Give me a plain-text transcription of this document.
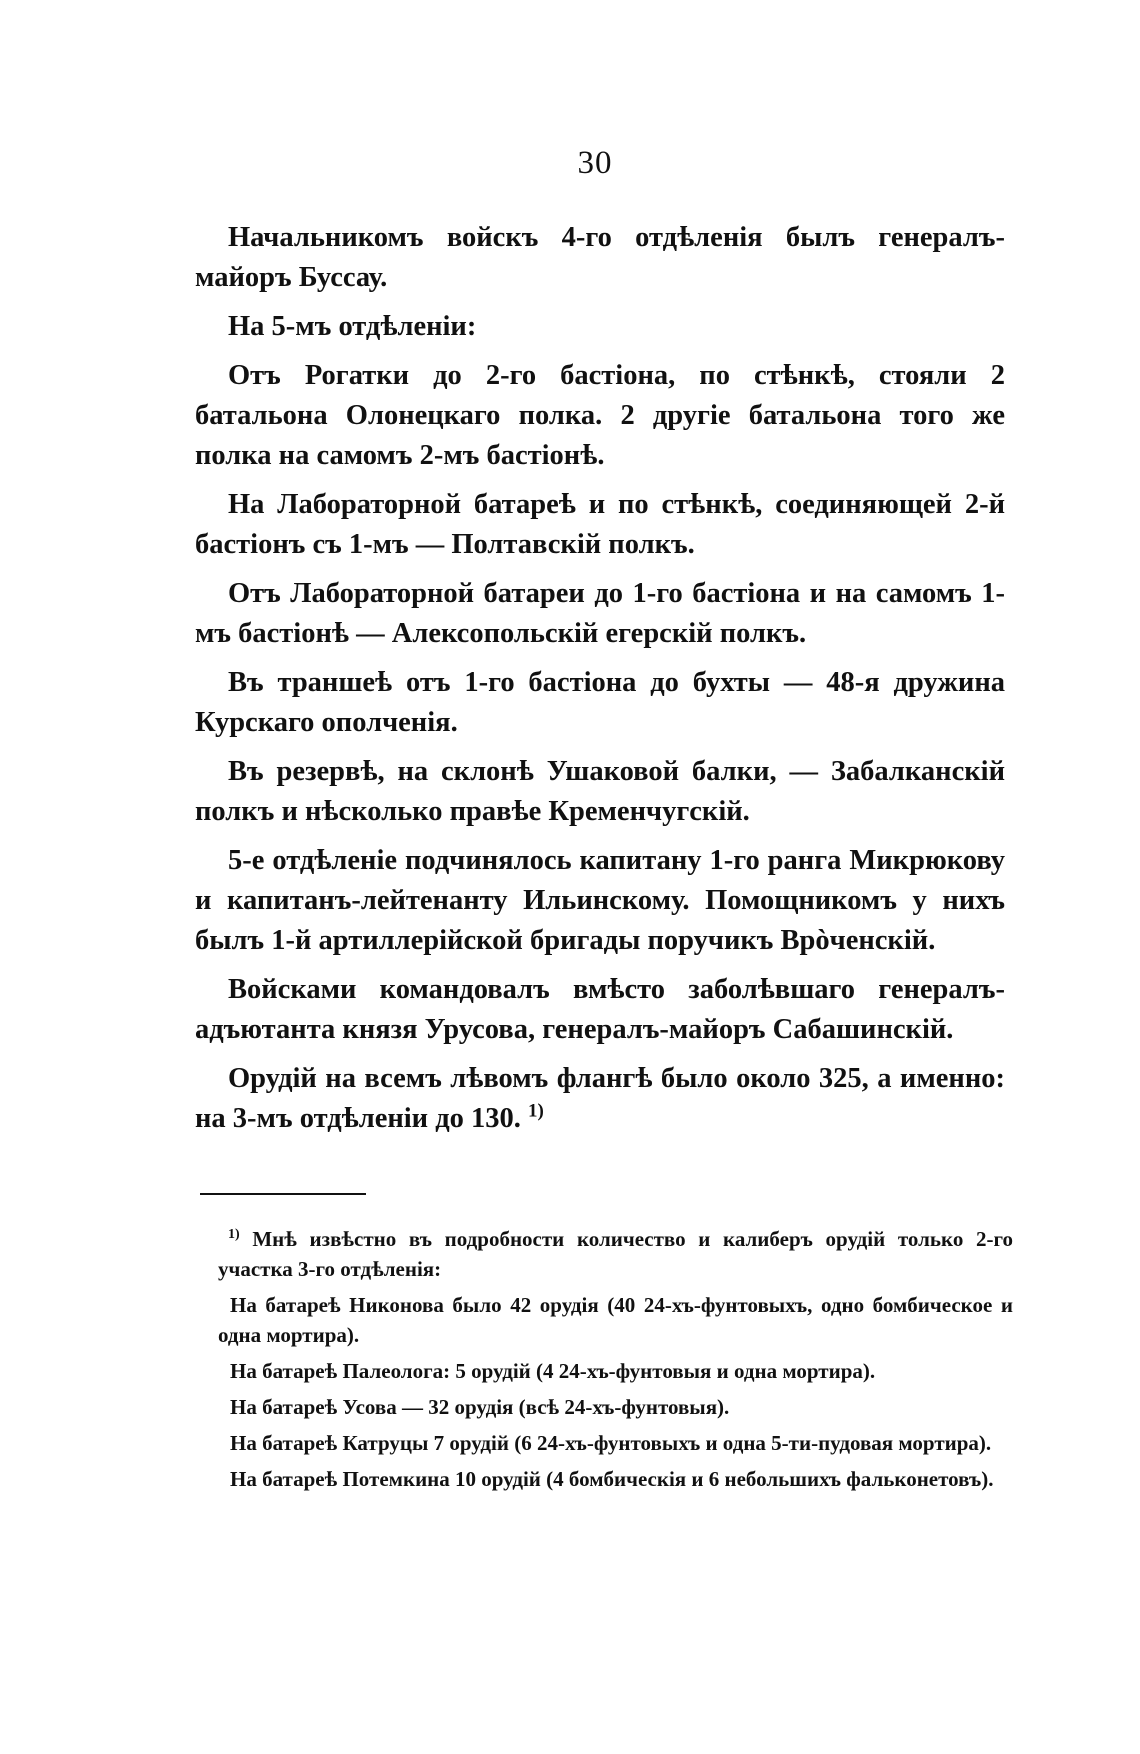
30

Начальникомъ войскъ 4-го отдѣленія былъ генералъ-майоръ Буссау.

На 5-мъ отдѣленіи:

Отъ Рогатки до 2-го бастіона, по стѣнкѣ, стояли 2 батальона Олонецкаго полка. 2 другіе батальона того же полка на самомъ 2-мъ бастіонѣ.

На Лабораторной батареѣ и по стѣнкѣ, соединяющей 2-й бастіонъ съ 1-мъ — Полтавскій полкъ.

Отъ Лабораторной батареи до 1-го бастіона и на самомъ 1-мъ бастіонѣ — Алексопольскій егерскій полкъ.

Въ траншеѣ отъ 1-го бастіона до бухты — 48-я дружина Курскаго ополченія.

Въ резервѣ, на склонѣ Ушаковой балки, — Забалканскій полкъ и нѣсколько правѣе Кременчугскій.

5-е отдѣленіе подчинялось капитану 1-го ранга Микрюкову и капитанъ-лейтенанту Ильинскому. Помощникомъ у нихъ былъ 1-й артиллерійской бригады поручикъ Врòченскій.

Войсками командовалъ вмѣсто заболѣвшаго генералъ-адъютанта князя Урусова, генералъ-майоръ Сабашинскій.

Орудій на всемъ лѣвомъ флангѣ было около 325, а именно: на 3-мъ отдѣленіи до 130. $^{1)}$

$^{1)}$ Мнѣ извѣстно въ подробности количество и калиберъ орудій только 2-го участка 3-го отдѣленія:

На батареѣ Никонова было 42 орудія (40 24-хъ-фунтовыхъ, одно бомбическое и одна мортира).

На батареѣ Палеолога: 5 орудій (4 24-хъ-фунтовыя и одна мортира).

На батареѣ Усова — 32 орудія (всѣ 24-хъ-фунтовыя).

На батареѣ Катруцы 7 орудій (6 24-хъ-фунтовыхъ и одна 5-ти-пудовая мортира).

На батареѣ Потемкина 10 орудій (4 бомбическія и 6 небольшихъ фальконетовъ).
